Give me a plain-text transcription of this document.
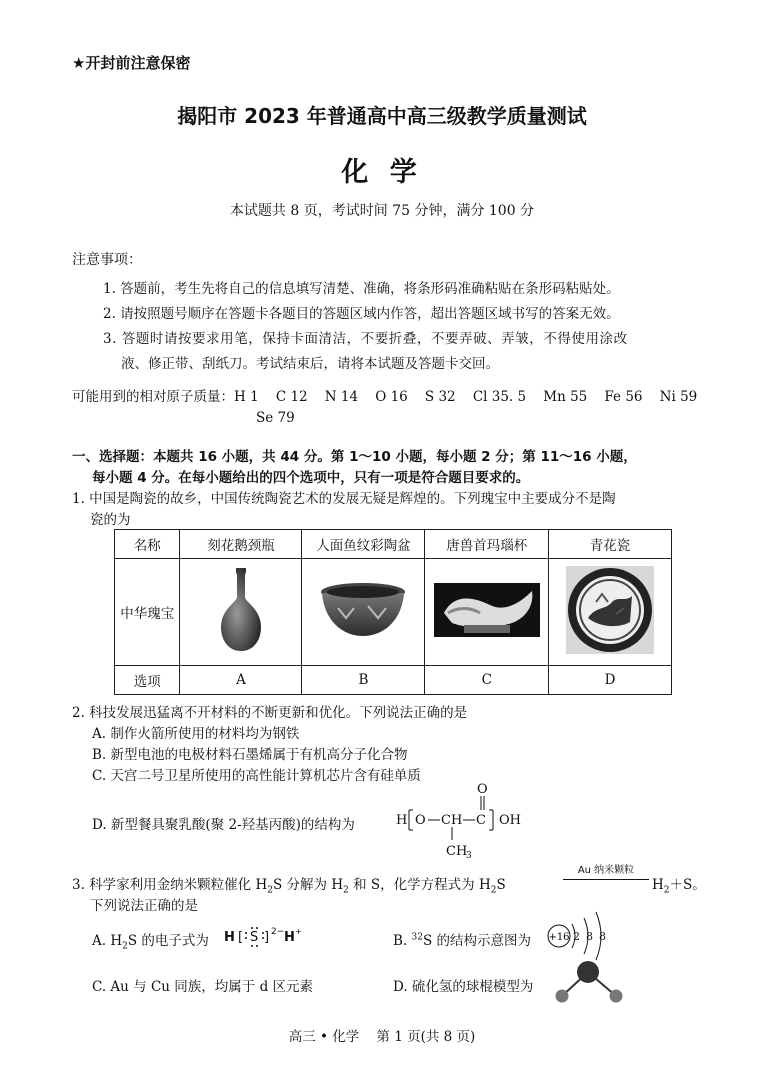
★开封前注意保密
揭阳市 2023 年普通高中高三级教学质量测试
化 学
本试题共 8 页，考试时间 75 分钟，满分 100 分
注意事项：
1. 答题前，考生先将自己的信息填写清楚、准确，将条形码准确粘贴在条形码粘贴处。
2. 请按照题号顺序在答题卡各题目的答题区域内作答，超出答题区域书写的答案无效。
3. 答题时请按要求用笔，保持卡面清洁，不要折叠，不要弄破、弄皱，不得使用涂改
液、修正带、刮纸刀。考试结束后，请将本试题及答题卡交回。
可能用到的相对原子质量：H 1    C 12    N 14    O 16    S 32    Cl 35. 5    Mn 55    Fe 56    Ni 59
Se 79
一、选择题：本题共 16 小题，共 44 分。第 1～10 小题，每小题 2 分；第 11～16 小题，
每小题 4 分。在每小题给出的四个选项中，只有一项是符合题目要求的。
1. 中国是陶瓷的故乡，中国传统陶瓷艺术的发展无疑是辉煌的。下列瑰宝中主要成分不是陶
瓷的为
名称	刻花鹅颈瓶	人面鱼纹彩陶盆	唐兽首玛瑙杯	青花瓷
中华瑰宝				
选项	A	B	C	D
2. 科技发展迅猛离不开材料的不断更新和优化。下列说法正确的是
A. 制作火箭所使用的材料均为钢铁
B. 新型电池的电极材料石墨烯属于有机高分子化合物
C. 天宫二号卫星所使用的高性能计算机芯片含有硅单质
D. 新型餐具聚乳酸(聚 2-羟基丙酸)的结构为	H O CH C OH
O
CH
3
3. 科学家利用金纳米颗粒催化 $H_2S$ 分解为 $H_2$ 和 S，化学方程式为 $H_2S$
Au 纳米颗粒
$H_2+S$。
下列说法正确的是
A. $H_2S$ 的电子式为 H [ S ] 2− H +
B. $^{32}$S 的结构示意图为 +16 2 8 8
C. Au 与 Cu 同族，均属于 d 区元素	D. 硫化氢的球棍模型为
高三 • 化学    第 1 页(共 8 页)
